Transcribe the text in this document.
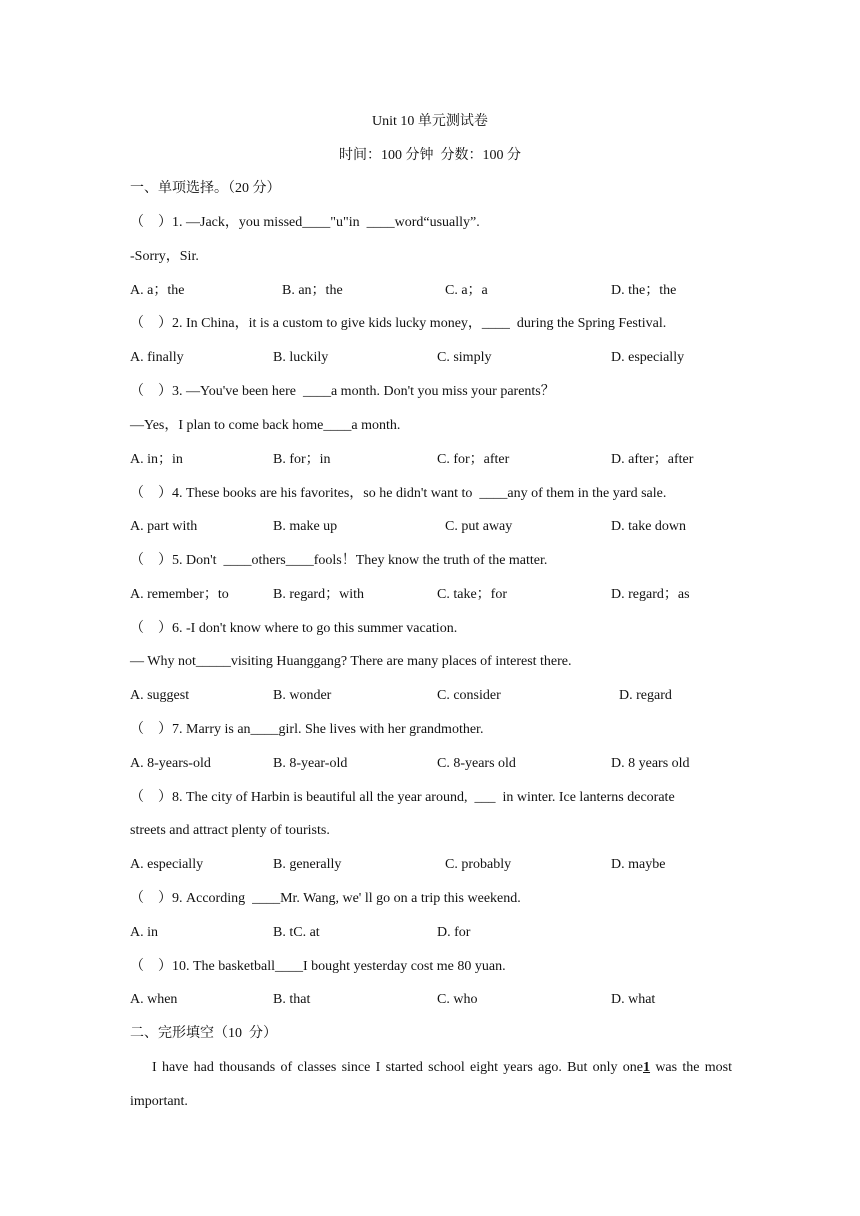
Unit 10 单元测试卷
时间：100 分钟  分数：100 分
一、单项选择。（20 分）
（    ）1. —Jack，you missed____"u"in  ____word“usually”.
-Sorry，Sir.
A. a；the	B. an；the	C. a；a	D. the；the
（    ）2. In China，it is a custom to give kids lucky money，____  during the Spring Festival.
A. finally	B. luckily	C. simply	D. especially
（    ）3. —You've been here  ____a month. Don't you miss your parents？
—Yes，I plan to come back home____a month.
A. in；in	B. for；in	C. for；after	D. after；after
（    ）4. These books are his favorites，so he didn't want to  ____any of them in the yard sale.
A. part with	B. make up	C. put away	D. take down
（    ）5. Don't  ____others____fools！They know the truth of the matter.
A. remember；to	B. regard；with	C. take；for	D. regard；as
（    ）6. -I don't know where to go this summer vacation.
— Why not_____visiting Huanggang? There are many places of interest there.
A. suggest	B. wonder	C. consider	D. regard
（    ）7. Marry is an____girl. She lives with her grandmother.
A. 8-years-old	B. 8-year-old	C. 8-years old	D. 8 years old
（    ）8. The city of Harbin is beautiful all the year around,  ___  in winter. Ice lanterns decorate
streets and attract plenty of tourists.
A. especially	B. generally	C. probably	D. maybe
（    ）9. According  ____Mr. Wang, we' ll go on a trip this weekend.
A. in	B. tC. at	D. for
（    ）10. The basketball____I bought yesterday cost me 80 yuan.
A. when	B. that	C. who	D. what
二、完形填空（10  分）
I have had thousands of classes since I started school eight years ago. But only one1 was the most important.
